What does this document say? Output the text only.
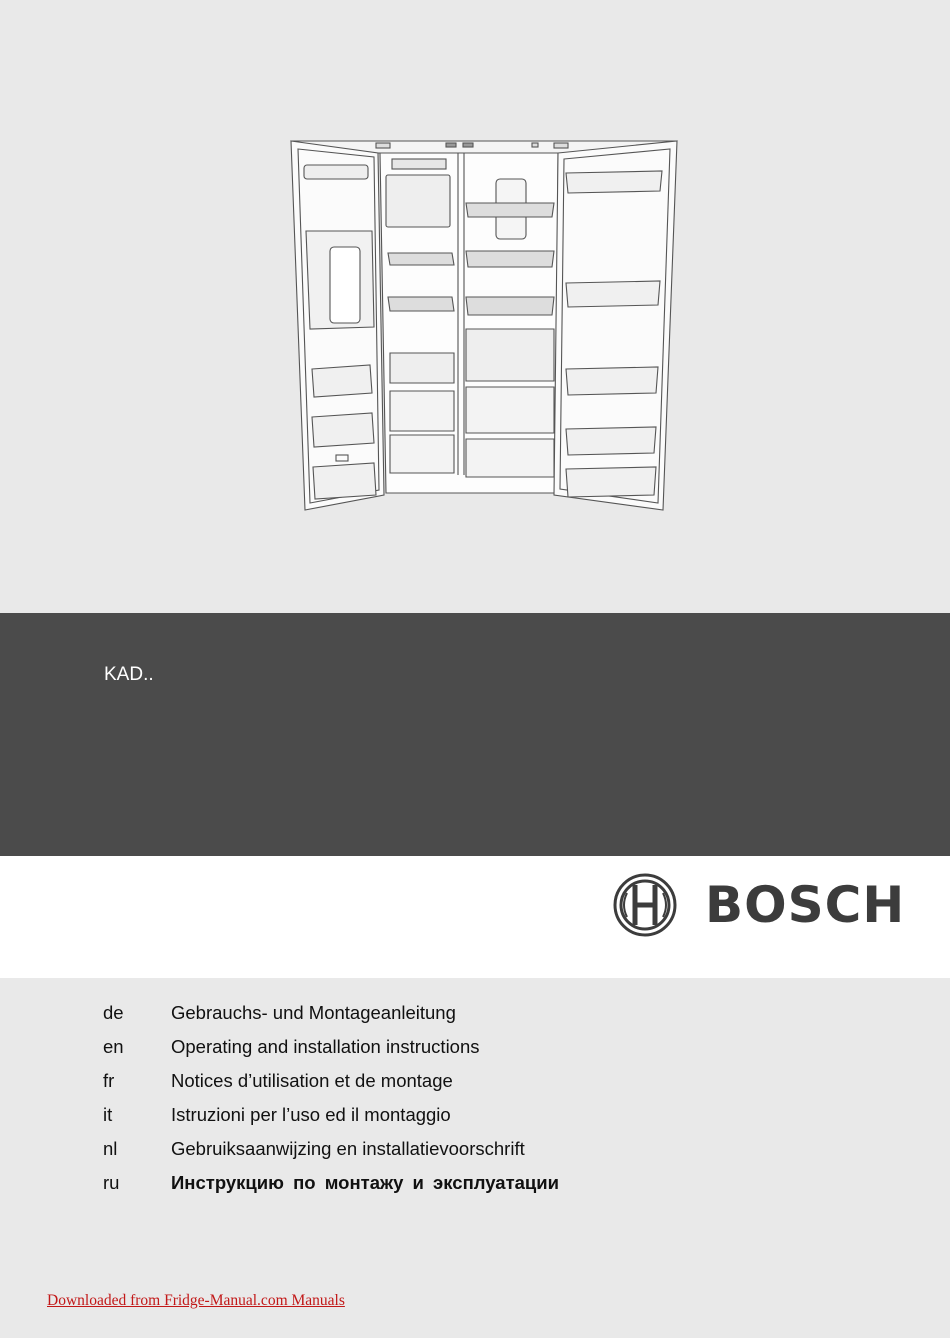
KAD..
BOSCH
de	Gebrauchs- und Montageanleitung
en	Operating and installation instructions
fr	Notices d’utilisation et de montage
it	Istruzioni per l’uso ed il montaggio
nl	Gebruiksaanwijzing en installatievoorschrift
ru	Инструкцию по монтажу и эксплуатации
Downloaded from Fridge-Manual.com Manuals
